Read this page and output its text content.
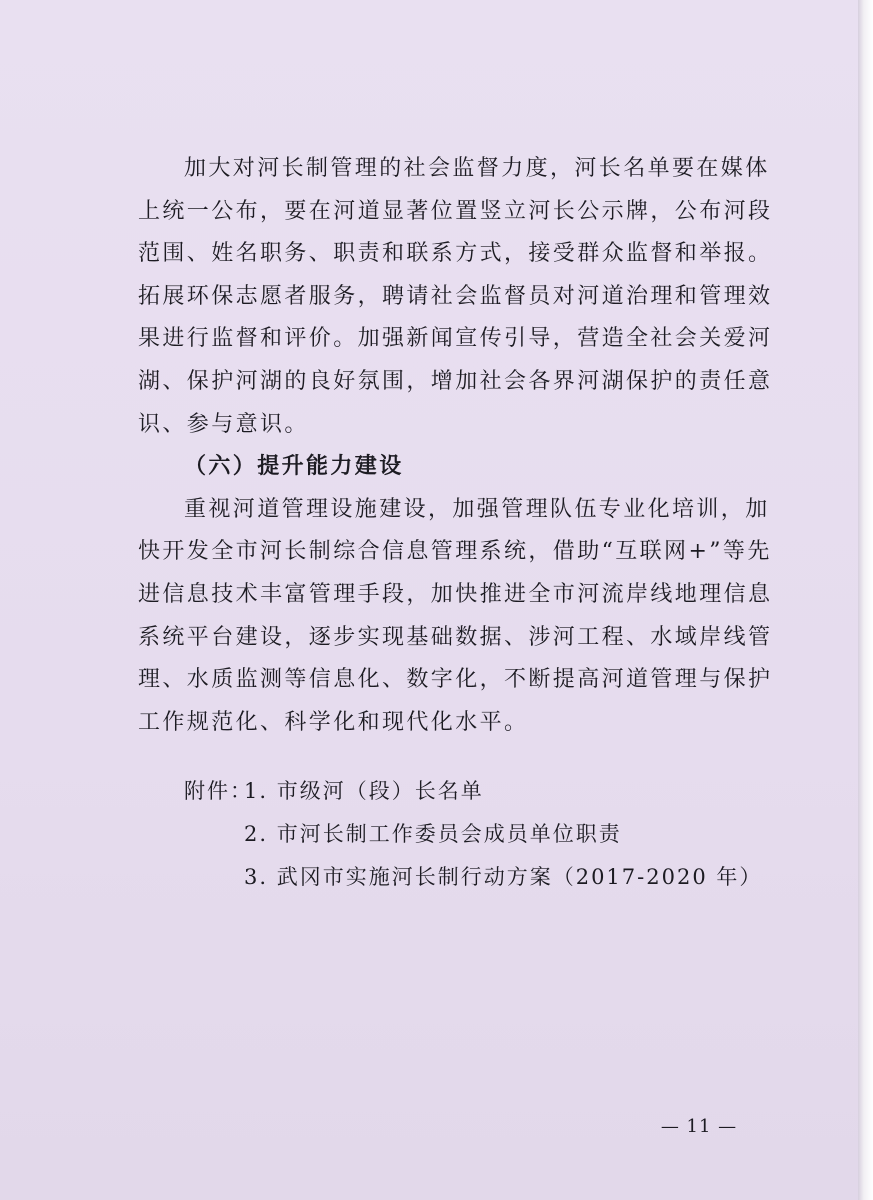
加大对河长制管理的社会监督力度，河长名单要在媒体
上统一公布，要在河道显著位置竖立河长公示牌，公布河段
范围、姓名职务、职责和联系方式，接受群众监督和举报。
拓展环保志愿者服务，聘请社会监督员对河道治理和管理效
果进行监督和评价。加强新闻宣传引导，营造全社会关爱河
湖、保护河湖的良好氛围，增加社会各界河湖保护的责任意
识、参与意识。
（六）提升能力建设
重视河道管理设施建设，加强管理队伍专业化培训，加
快开发全市河长制综合信息管理系统，借助“互联网+”等先
进信息技术丰富管理手段，加快推进全市河流岸线地理信息
系统平台建设，逐步实现基础数据、涉河工程、水域岸线管
理、水质监测等信息化、数字化，不断提高河道管理与保护
工作规范化、科学化和现代化水平。
附件：1. 市级河（段）长名单
2. 市河长制工作委员会成员单位职责
3. 武冈市实施河长制行动方案（2017-2020 年）
— 11 —
